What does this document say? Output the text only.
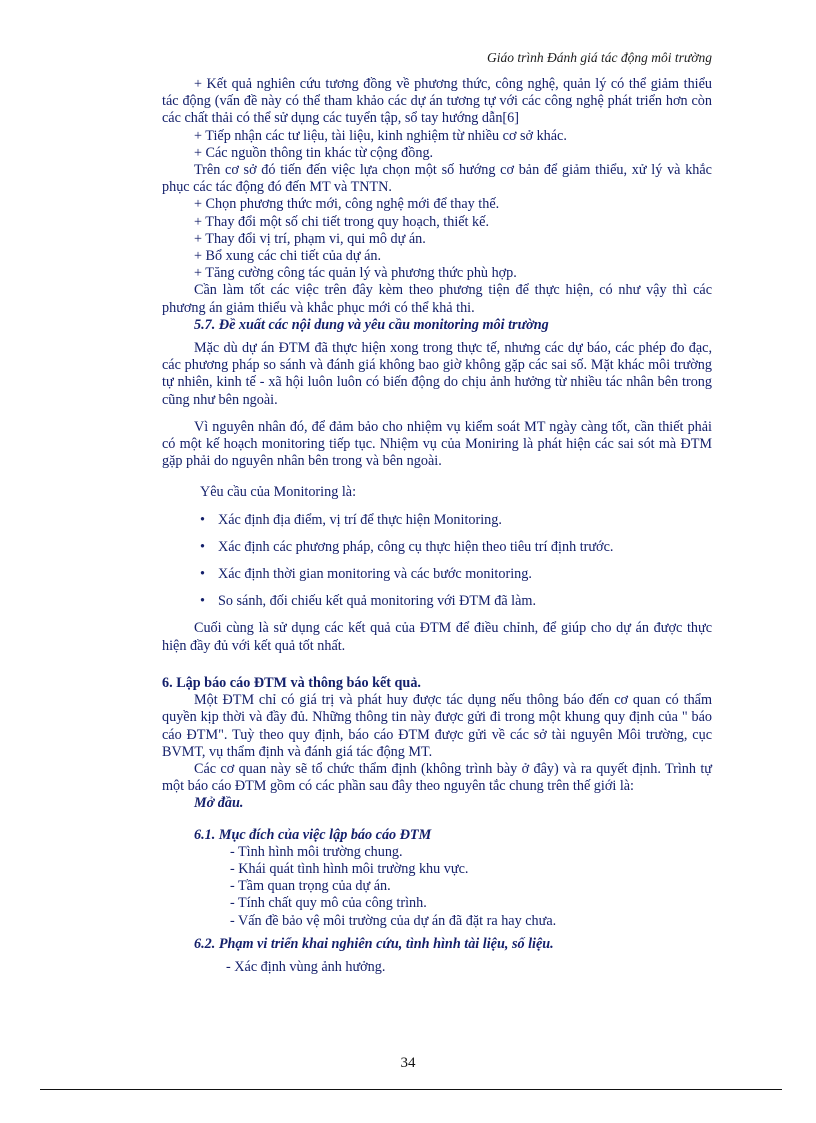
Giáo trình Đánh giá tác động môi trường

+ Kết quả nghiên cứu tương đồng về phương thức, công nghệ, quản lý có thể giảm thiểu tác động (vấn đề này có thể tham khảo các dự án tương tự với các công nghệ phát triển hơn còn các chất thải có thể sử dụng các tuyển tập, sổ tay hướng dẫn[6]

+ Tiếp nhận các tư liệu, tài liệu, kinh nghiệm từ nhiều cơ sở khác.

+ Các nguồn thông tin khác từ cộng đồng.

Trên cơ sở đó tiến đến việc lựa chọn một số hướng cơ bản để giảm thiểu, xử lý và khắc phục các tác động đó đến MT và TNTN.

+ Chọn phương thức mới, công nghệ mới để thay thế.

+ Thay đổi một số chi tiết trong quy hoạch, thiết kế.

+ Thay đổi vị trí, phạm vi, qui mô dự án.

+ Bổ xung các chi tiết của dự án.

+ Tăng cường công tác quản lý và phương thức phù hợp.

Cần làm tốt các việc trên đây kèm theo phương tiện để thực hiện, có như vậy thì các phương án giảm thiểu và khắc phục mới có thể khả thi.

5.7. Đề xuất các nội dung và yêu cầu monitoring môi trường

Mặc dù dự án ĐTM đã thực hiện xong trong thực tế, nhưng các dự báo, các phép đo đạc, các phương pháp so sánh và đánh giá không bao giờ không gặp các sai số. Mặt khác môi trường tự nhiên, kinh tế - xã hội luôn luôn có biến động do chịu ảnh hưởng từ nhiều tác nhân bên trong cũng như bên ngoài.

Vì nguyên nhân đó, để đảm bảo cho nhiệm vụ kiểm soát MT ngày càng tốt, cần thiết phải có một kế hoạch monitoring tiếp tục. Nhiệm vụ của Moniring là phát hiện các sai sót mà ĐTM gặp phải do nguyên nhân bên trong và bên ngoài.

Yêu cầu của Monitoring là:

• Xác định địa điểm, vị trí để thực hiện Monitoring.

• Xác định các phương pháp, công cụ thực hiện theo tiêu trí định trước.

• Xác định thời gian monitoring và các bước monitoring.

• So sánh, đối chiếu kết quả monitoring với ĐTM đã làm.

Cuối cùng là sử dụng các kết quả của ĐTM để điều chỉnh, để giúp cho dự án được thực hiện đầy đủ với kết quả tốt nhất.

6. Lập báo cáo ĐTM và thông báo kết quả.

Một ĐTM chỉ có giá trị và phát huy được tác dụng nếu thông báo đến cơ quan có thẩm quyền kịp thời và đầy đủ. Những thông tin này được gửi đi trong một khung quy định của " báo cáo ĐTM". Tuỳ theo quy định, báo cáo ĐTM được gửi về các sở tài nguyên Môi trường, cục BVMT, vụ thẩm định và đánh giá tác động MT.

Các cơ quan này sẽ tổ chức thẩm định (không trình bày ở đây) và ra quyết định. Trình tự một báo cáo ĐTM gồm có các phần sau đây theo nguyên tắc chung trên thế giới là:

Mở đầu.

6.1. Mục đích của việc lập báo cáo ĐTM

- Tình hình môi trường chung.

- Khái quát tình hình môi trường khu vực.

- Tầm quan trọng của dự án.

- Tính chất quy mô của công trình.

- Vấn đề bảo vệ môi trường của dự án đã đặt ra hay chưa.

6.2. Phạm vi triển khai nghiên cứu, tình hình tài liệu, số liệu.

- Xác định vùng ảnh hưởng.

34
